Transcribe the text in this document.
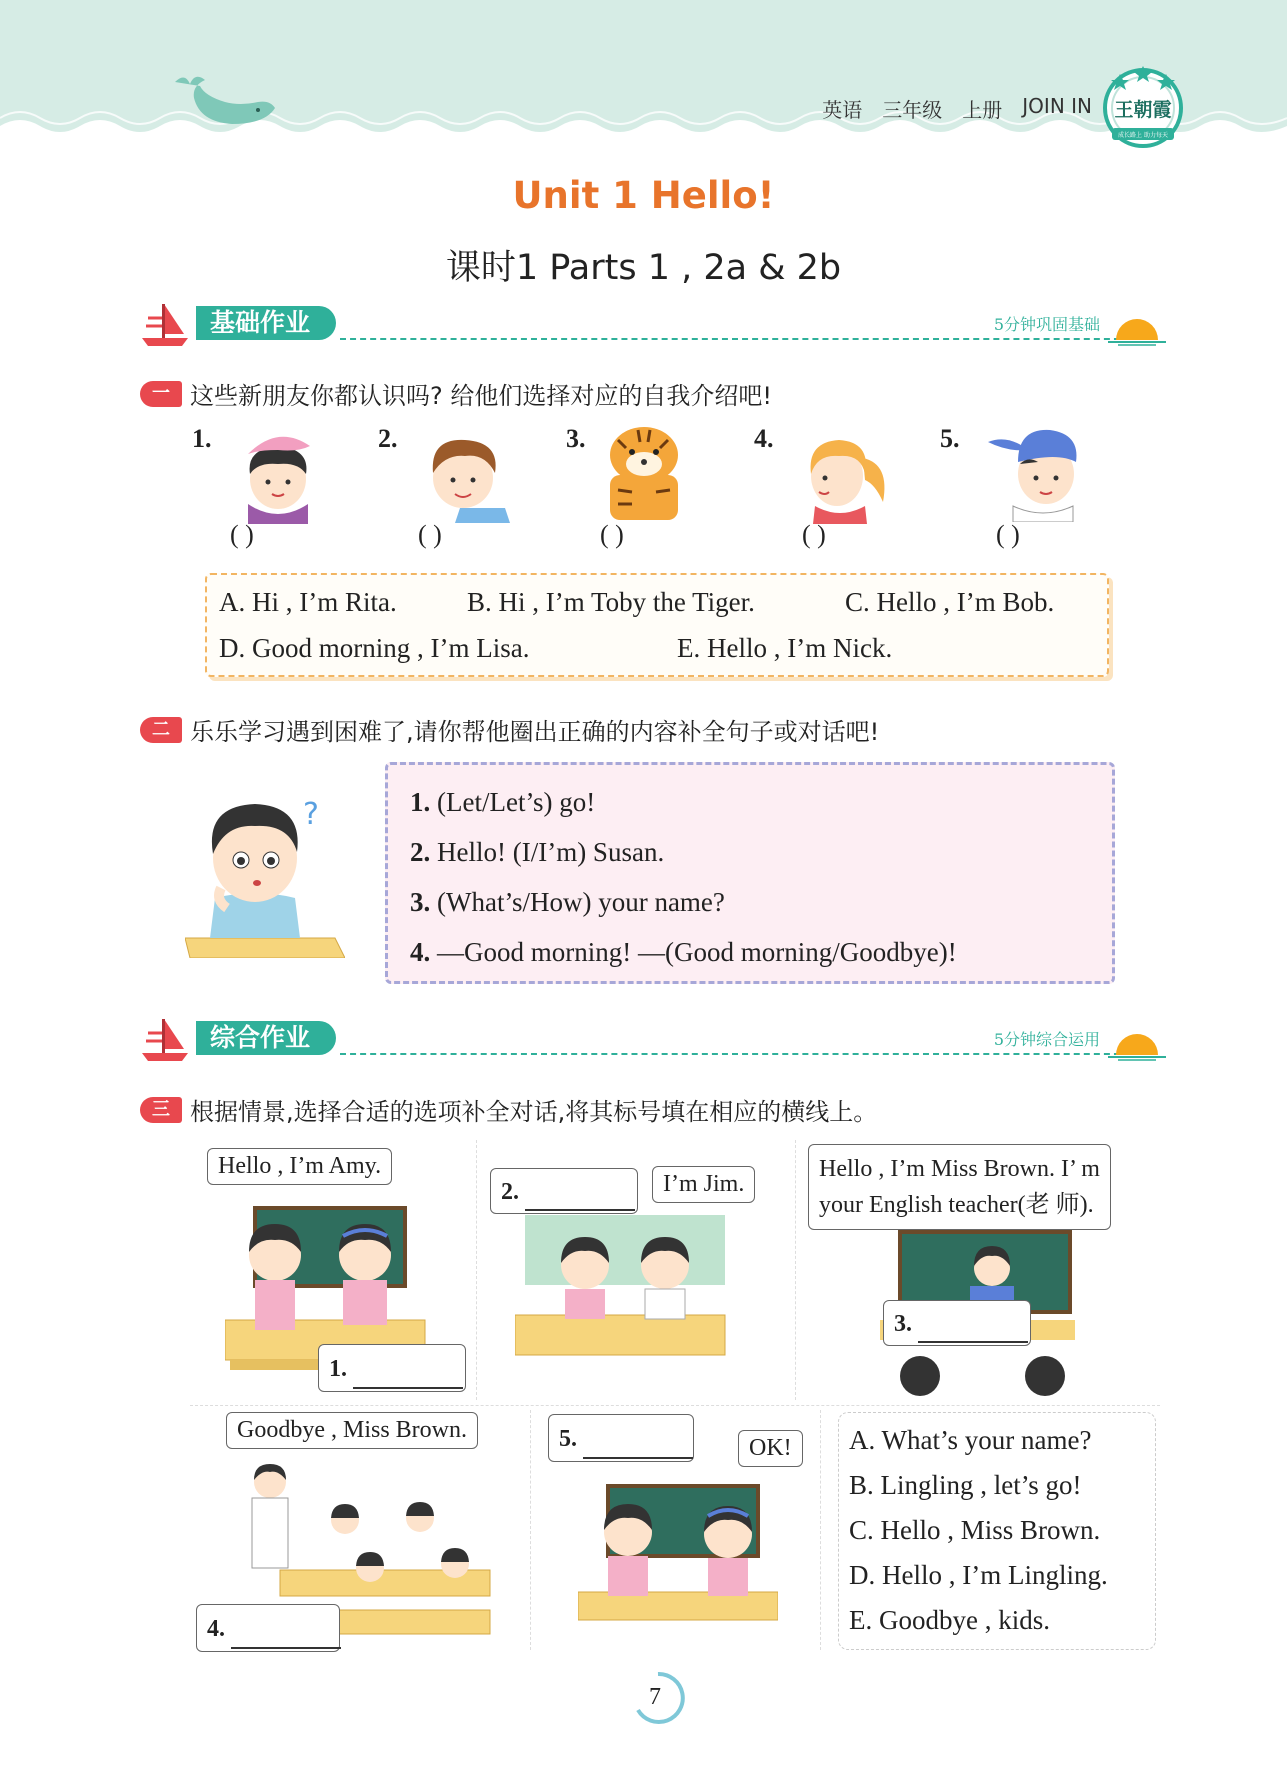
英语 三年级 上册 JOIN IN 王朝霞
成长路上 助力每天
Unit 1 Hello!
课时1 Parts 1 , 2a & 2b
基础作业	5分钟巩固基础
一 这些新朋友你都认识吗? 给他们选择对应的自我介绍吧!
1.	2.	3.	4.	5.
( )	( )	( )	( )	( )
A. Hi , I’m Rita.	B. Hi , I’m Toby the Tiger.	C. Hello , I’m Bob.
D. Good morning , I’m Lisa.	E. Hello , I’m Nick.
二 乐乐学习遇到困难了,请你帮他圈出正确的内容补全句子或对话吧!
?	1. (Let/Let’s) go!
2. Hello! (I/I’m) Susan.
3. (What’s/How) your name?
4. —Good morning! —(Good morning/Goodbye)!
综合作业	5分钟综合运用
三 根据情景,选择合适的选项补全对话,将其标号填在相应的横线上。
Hello , I’m Amy.
1.
2.	I’m Jim.
Hello , I’m Miss Brown. I’ m
your English teacher(老 师).
3.
Goodbye , Miss Brown.
4.
5.	OK!	A. What’s your name?
B. Lingling , let’s go!
C. Hello , Miss Brown.
D. Hello , I’m Lingling.
E. Goodbye , kids.
7
